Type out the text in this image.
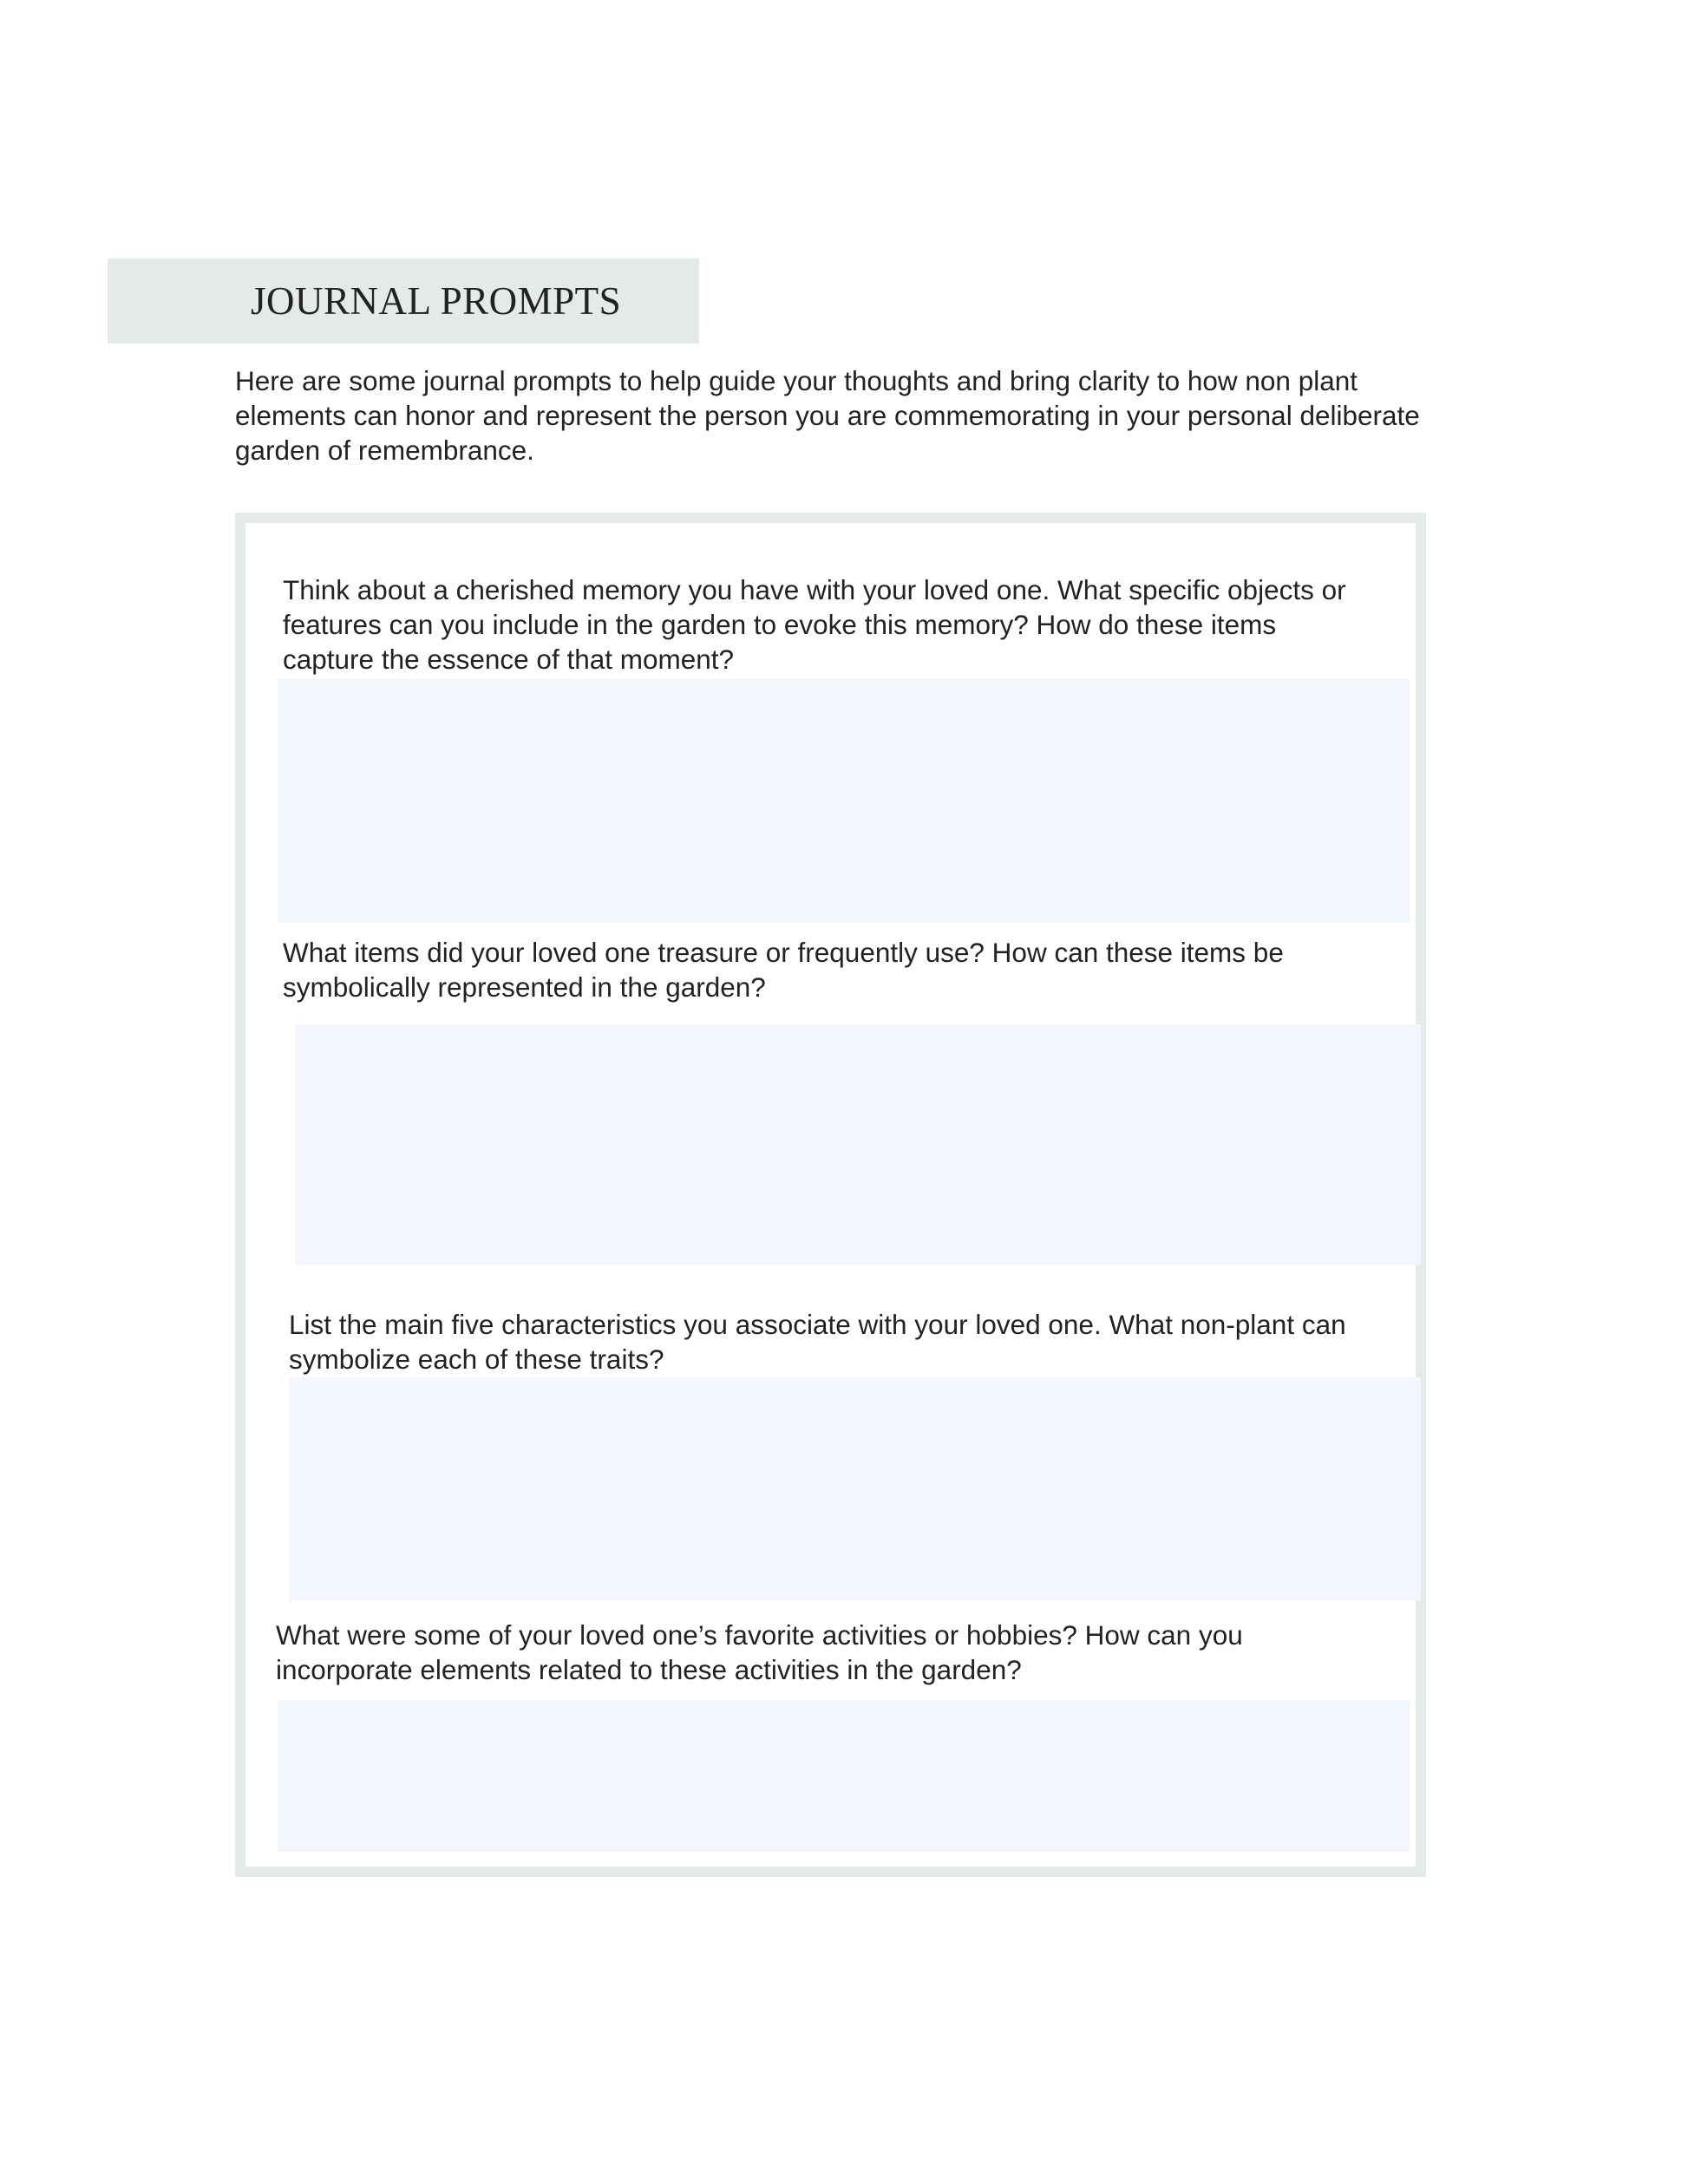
JOURNAL PROMPTS

Here are some journal prompts to help guide your thoughts and bring clarity to how non plant elements can honor and represent the person you are commemorating in your personal deliberate garden of remembrance.

Think about a cherished memory you have with your loved one. What specific objects or features can you include in the garden to evoke this memory? How do these items capture the essence of that moment?

What items did your loved one treasure or frequently use? How can these items be symbolically represented in the garden?

List the main five characteristics you associate with your loved one. What non-plant can symbolize each of these traits?

What were some of your loved one’s favorite activities or hobbies? How can you incorporate elements related to these activities in the garden?
